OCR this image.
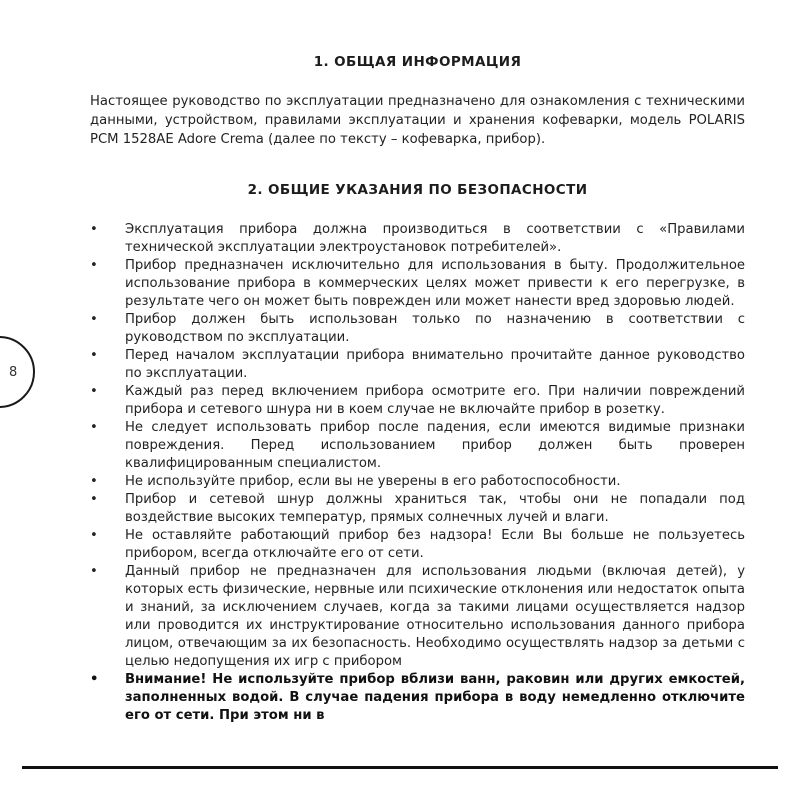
8
1. ОБЩАЯ ИНФОРМАЦИЯ

Настоящее руководство по эксплуатации предназначено для ознакомления с техническими данными, устройством, правилами эксплуатации и хранения кофеварки, модель POLARIS PCM 1528AE Adore Crema (далее по тексту – кофеварка, прибор).

2. ОБЩИЕ УКАЗАНИЯ ПО БЕЗОПАСНОСТИ
• Эксплуатация прибора должна производиться в соответствии с «Правилами технической эксплуатации электроустановок потребителей».
• Прибор предназначен исключительно для использования в быту. Продолжительное использование прибора в коммерческих целях может привести к его перегрузке, в результате чего он может быть поврежден или может нанести вред здоровью людей.
• Прибор должен быть использован только по назначению в соответствии с руководством по эксплуатации.
• Перед началом эксплуатации прибора внимательно прочитайте данное руководство по эксплуатации.
• Каждый раз перед включением прибора осмотрите его. При наличии повреждений прибора и сетевого шнура ни в коем случае не включайте прибор в розетку.
• Не следует использовать прибор после падения, если имеются видимые признаки повреждения. Перед использованием прибор должен быть проверен квалифицированным специалистом.
• Не используйте прибор, если вы не уверены в его работоспособности.
• Прибор и сетевой шнур должны храниться так, чтобы они не попадали под воздействие высоких температур, прямых солнечных лучей и влаги.
• Не оставляйте работающий прибор без надзора! Если Вы больше не пользуетесь прибором, всегда отключайте его от сети.
• Данный прибор не предназначен для использования людьми (включая детей), у которых есть физические, нервные или психические отклонения или недостаток опыта и знаний, за исключением случаев, когда за такими лицами осуществляется надзор или проводится их инструктирование относительно использования данного прибора лицом, отвечающим за их безопасность. Необходимо осуществлять надзор за детьми с целью недопущения их игр с прибором
• Внимание! Не используйте прибор вблизи ванн, раковин или других емкостей, заполненных водой. В случае падения прибора в воду немедленно отключите его от сети. При этом ни в
